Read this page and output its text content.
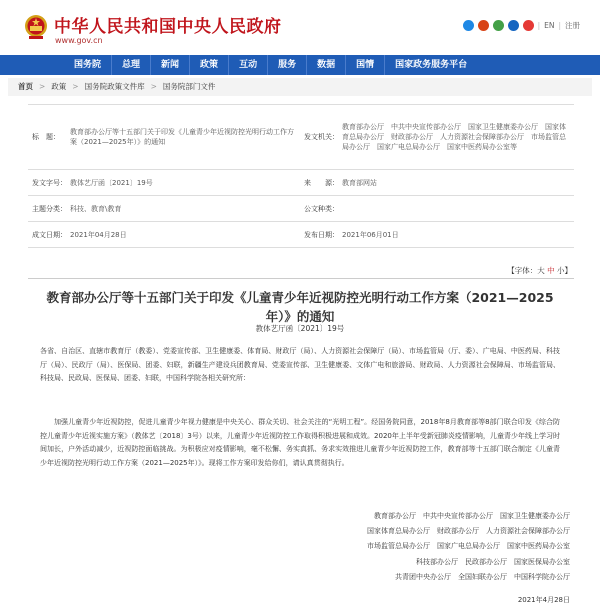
中华人民共和国中央人民政府
www.gov.cn
| EN | 注册
国务院	总理	新闻	政策	互动	服务	数据	国情	国家政务服务平台
首页 > 政策 > 国务院政策文件库 > 国务院部门文件
标　题：
教育部办公厅等十五部门关于印发《儿童青少年近视防控光明行动工作方案（2021—2025年）》的通知
发文机关：
教育部办公厅　中共中央宣传部办公厅　国家卫生健康委办公厅　国家体育总局办公厅　财政部办公厅　人力资源社会保障部办公厅　市场监管总局办公厅　国家广电总局办公厅　国家中医药局办公室等
发文字号： 教体艺厅函〔2021〕19号	来　　源： 教育部网站
主题分类： 科技、教育\教育	公文种类：
成文日期： 2021年04月28日	发布日期： 2021年06月01日
【字体：大 中 小】
教育部办公厅等十五部门关于印发《儿童青少年近视防控光明行动工作方案（2021—2025年）》的通知
教体艺厅函〔2021〕19号
各省、自治区、直辖市教育厅（教委）、党委宣传部、卫生健康委、体育局、财政厅（局）、人力资源社会保障厅（局）、市场监管局（厅、委）、广电局、中医药局、科技厅（局）、民政厅（局）、医保局、团委、妇联，新疆生产建设兵团教育局、党委宣传部、卫生健康委、文体广电和旅游局、财政局、人力资源社会保障局、市场监管局、科技局、民政局、医保局、团委、妇联，中国科学院各相关研究所：
加强儿童青少年近视防控，促进儿童青少年视力健康是中央关心、群众关切、社会关注的“光明工程”。经国务院同意，2018年8月教育部等8部门联合印发《综合防控儿童青少年近视实施方案》（教体艺〔2018〕3号）以来，儿童青少年近视防控工作取得积极进展和成效。2020年上半年受新冠肺炎疫情影响，儿童青少年线上学习时间加长，户外活动减少，近视防控面临挑战。为积极应对疫情影响，毫不松懈、务实真抓、务求实效推进儿童青少年近视防控工作，教育部等十五部门联合制定《儿童青少年近视防控光明行动工作方案（2021—2025年）》。现将工作方案印发给你们，请认真贯彻执行。
教育部办公厅　中共中央宣传部办公厅　国家卫生健康委办公厅
国家体育总局办公厅　财政部办公厅　人力资源社会保障部办公厅
市场监管总局办公厅　国家广电总局办公厅　国家中医药局办公室
科技部办公厅　民政部办公厅　国家医保局办公室
共青团中央办公厅　全国妇联办公厅　中国科学院办公厅
2021年4月28日
